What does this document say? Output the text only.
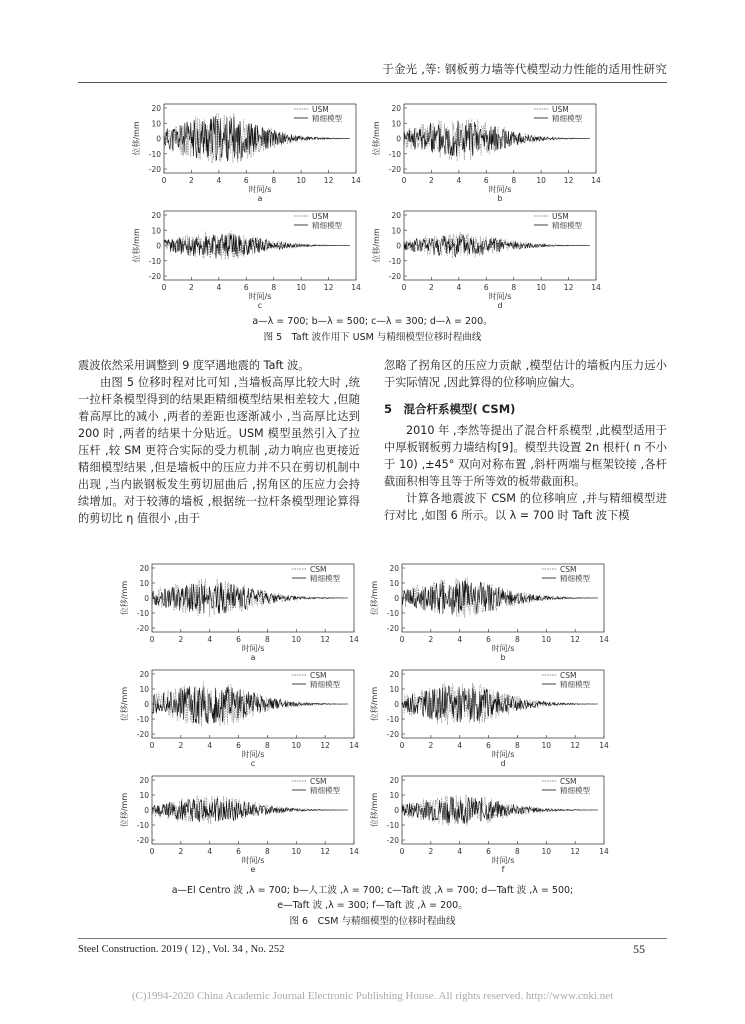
于金光 ,等: 钢板剪力墙等代模型动力性能的适用性研究
20
10
0
-10
-20
0	2	4	6	8	10 12 14
时间/s
位移/mm
a
USM
精细模型
20
10
0
-10
-20
0	2	4	6	8	10 12 14
时间/s
位移/mm
b
USM
精细模型
20
10
0
-10
-20
0	2	4	6	8	10 12 14
时间/s
位移/mm
c
USM
精细模型
20
10
0
-10
-20
0	2	4	6	8	10 12 14
时间/s
位移/mm
d
USM
精细模型
a—λ = 700; b—λ = 500; c—λ = 300; d—λ = 200。
图 5　Taft 波作用下 USM 与精细模型位移时程曲线

震波依然采用调整到 9 度罕遇地震的 Taft 波。

由图 5 位移时程对比可知 ,当墙板高厚比较大时 ,统一拉杆条模型得到的结果距精细模型结果相差较大 ,但随着高厚比的减小 ,两者的差距也逐渐减小 ,当高厚比达到 200 时 ,两者的结果十分贴近。USM 模型虽然引入了拉压杆 ,较 SM 更符合实际的受力机制 ,动力响应也更接近精细模型结果 ,但是墙板中的压应力并不只在剪切机制中出现 ,当内嵌钢板发生剪切屈曲后 ,拐角区的压应力会持续增加。对于较薄的墙板 ,根据统一拉杆条模型理论算得的剪切比 η 值很小 ,由于

忽略了拐角区的压应力贡献 ,模型估计的墙板内压力远小于实际情况 ,因此算得的位移响应偏大。

5　混合杆系模型( CSM)

2010 年 ,李然等提出了混合杆系模型 ,此模型适用于中厚板钢板剪力墙结构[9]。模型共设置 2n 根杆( n 不小于 10) ,±45° 双向对称布置 ,斜杆两端与框架铰接 ,各杆截面积相等且等于所等效的板带截面积。

计算各地震波下 CSM 的位移响应 ,并与精细模型进行对比 ,如图 6 所示。以 λ = 700 时 Taft 波下模

20
10
0
-10
-20
0	2	4	6	8	10	12	14
时间/s
位移/mm
a
CSM
精细模型
20
10
0
-10
-20
0	2	4	6	8	10	12	14
时间/s
位移/mm
b
CSM
精细模型
20
10
0
-10
-20
0	2	4	6	8	10	12	14
时间/s
位移/mm
c
CSM
精细模型
20
10
0
-10
-20
0	2	4	6	8	10	12	14
时间/s
位移/mm
d
CSM
精细模型
20
10
0
-10
-20
0	2	4	6	8	10	12	14
时间/s
位移/mm
e
CSM
精细模型
20
10
0
-10
-20
0	2	4	6	8	10	12	14
时间/s
位移/mm
f
CSM
精细模型
a—El Centro 波 ,λ = 700; b—人工波 ,λ = 700; c—Taft 波 ,λ = 700; d—Taft 波 ,λ = 500;
e—Taft 波 ,λ = 300; f—Taft 波 ,λ = 200。
图 6　CSM 与精细模型的位移时程曲线
Steel Construction. 2019 ( 12) , Vol. 34 , No. 252	55
(C)1994-2020 China Academic Journal Electronic Publishing House. All rights reserved. http://www.cnki.net
